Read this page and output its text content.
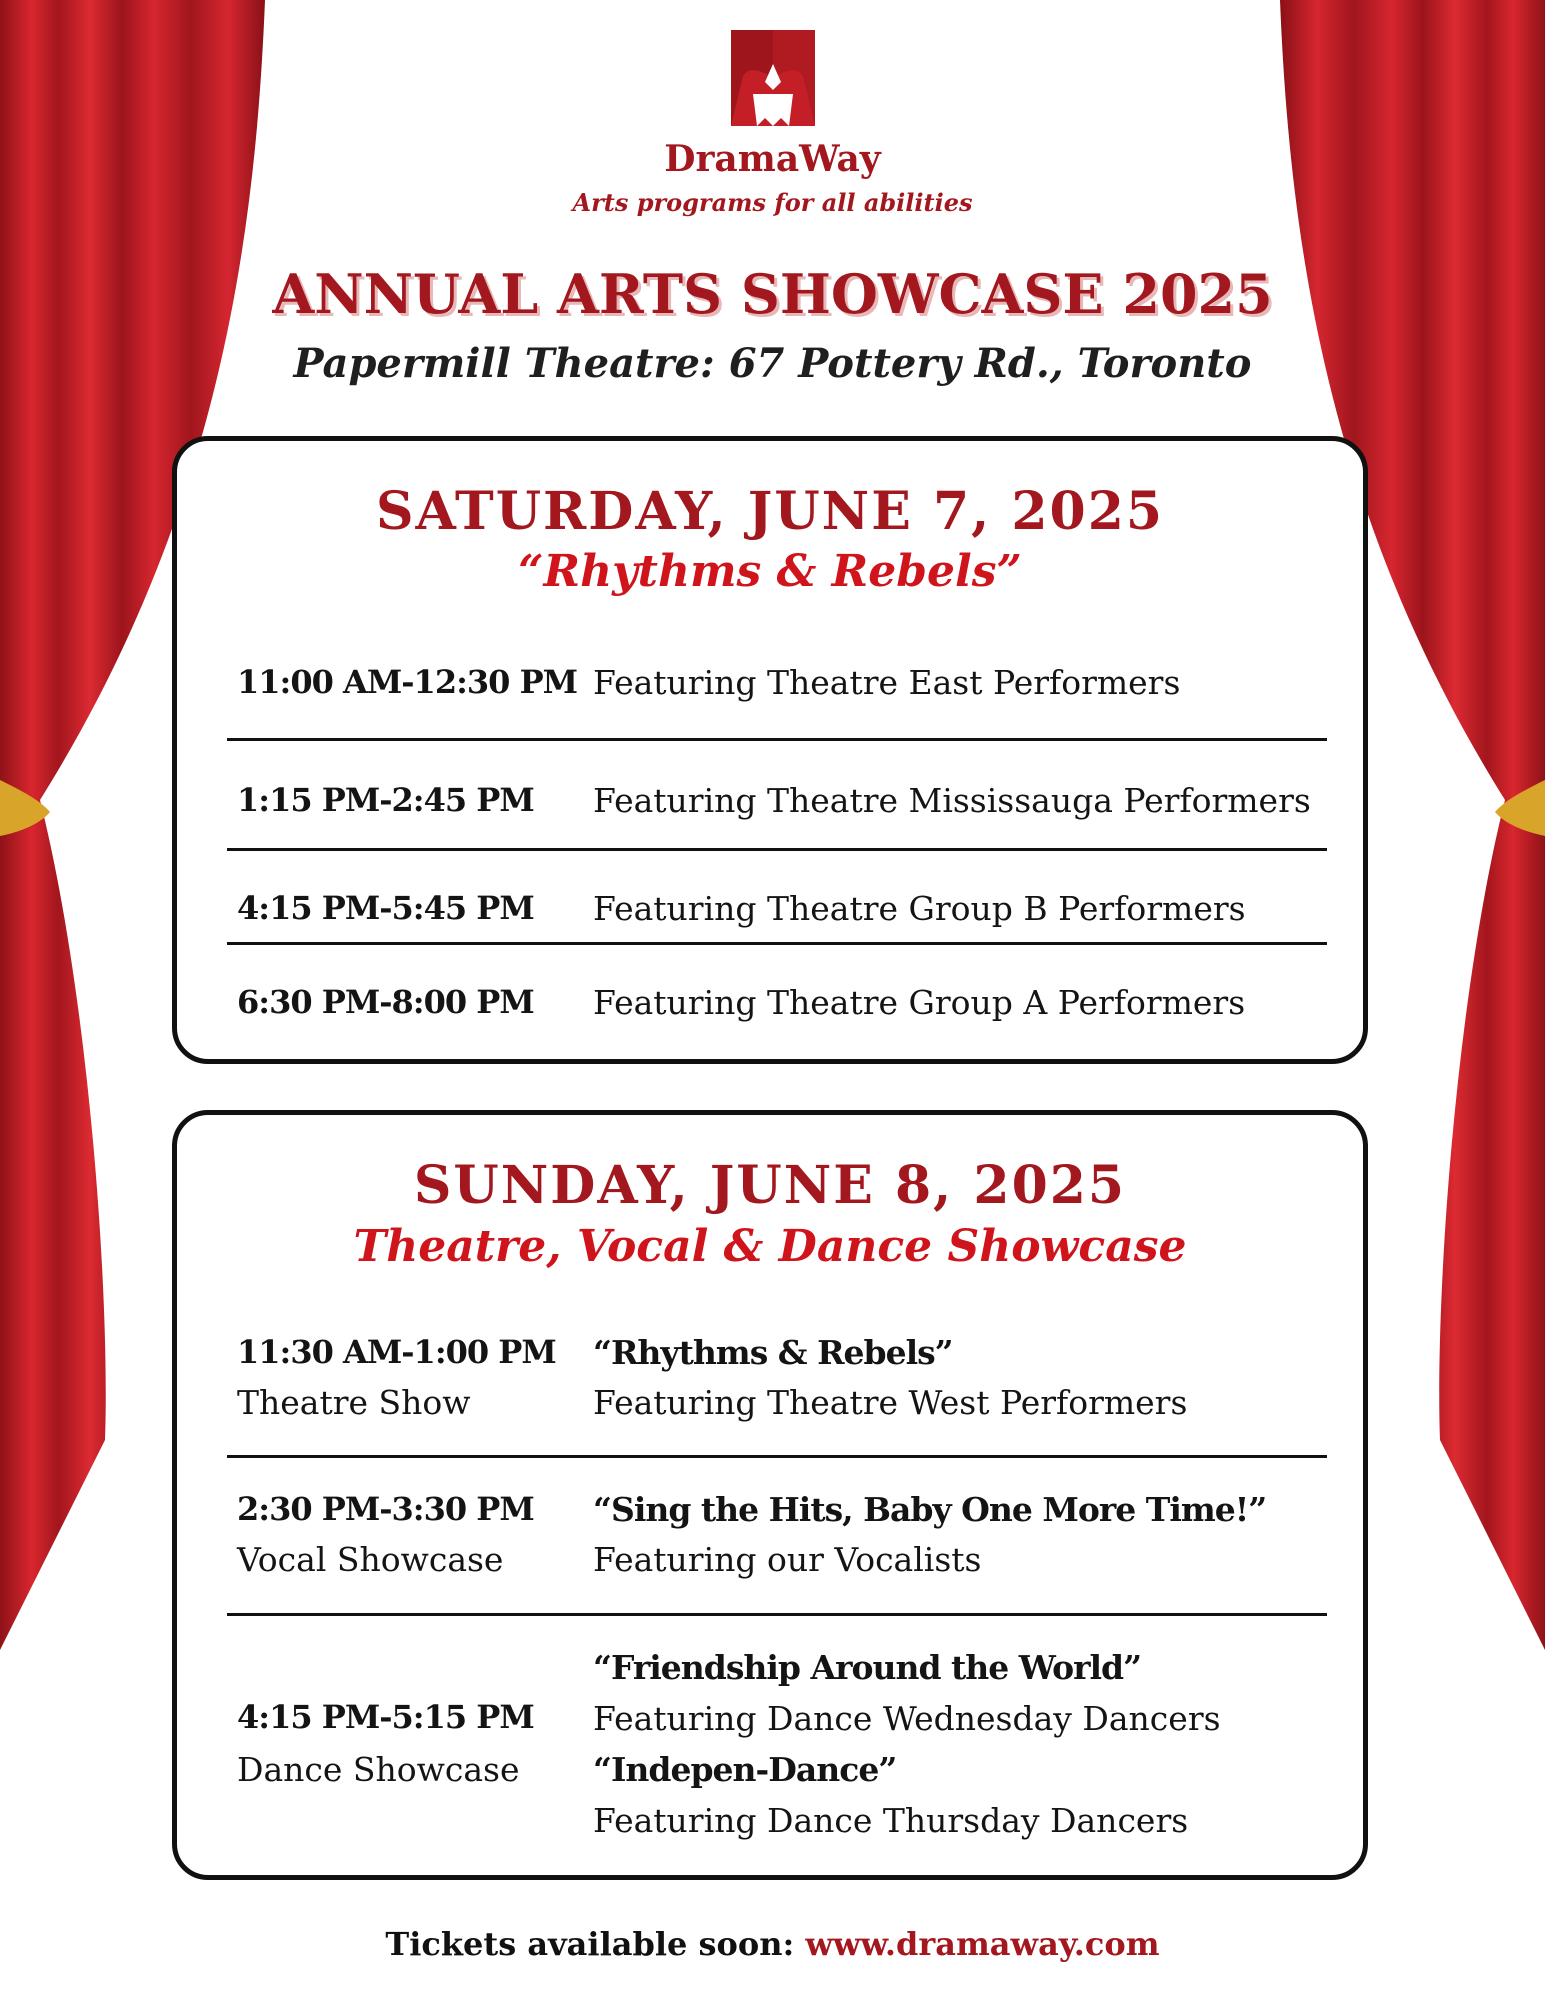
DramaWay
Arts programs for all abilities
ANNUAL ARTS SHOWCASE 2025
Papermill Theatre: 67 Pottery Rd., Toronto
SATURDAY, JUNE 7, 2025
“Rhythms & Rebels”
11:00 AM-12:30 PM Featuring Theatre East Performers
1:15 PM-2:45 PM Featuring Theatre Mississauga Performers
4:15 PM-5:45 PM Featuring Theatre Group B Performers
6:30 PM-8:00 PM Featuring Theatre Group A Performers
SUNDAY, JUNE 8, 2025
Theatre, Vocal & Dance Showcase
11:30 AM-1:00 PM
Theatre Show
“Rhythms & Rebels”
Featuring Theatre West Performers
2:30 PM-3:30 PM
Vocal Showcase
“Sing the Hits, Baby One More Time!”
Featuring our Vocalists
4:15 PM-5:15 PM
Dance Showcase
“Friendship Around the World”
Featuring Dance Wednesday Dancers
“Indepen-Dance”
Featuring Dance Thursday Dancers
Tickets available soon: www.dramaway.com
